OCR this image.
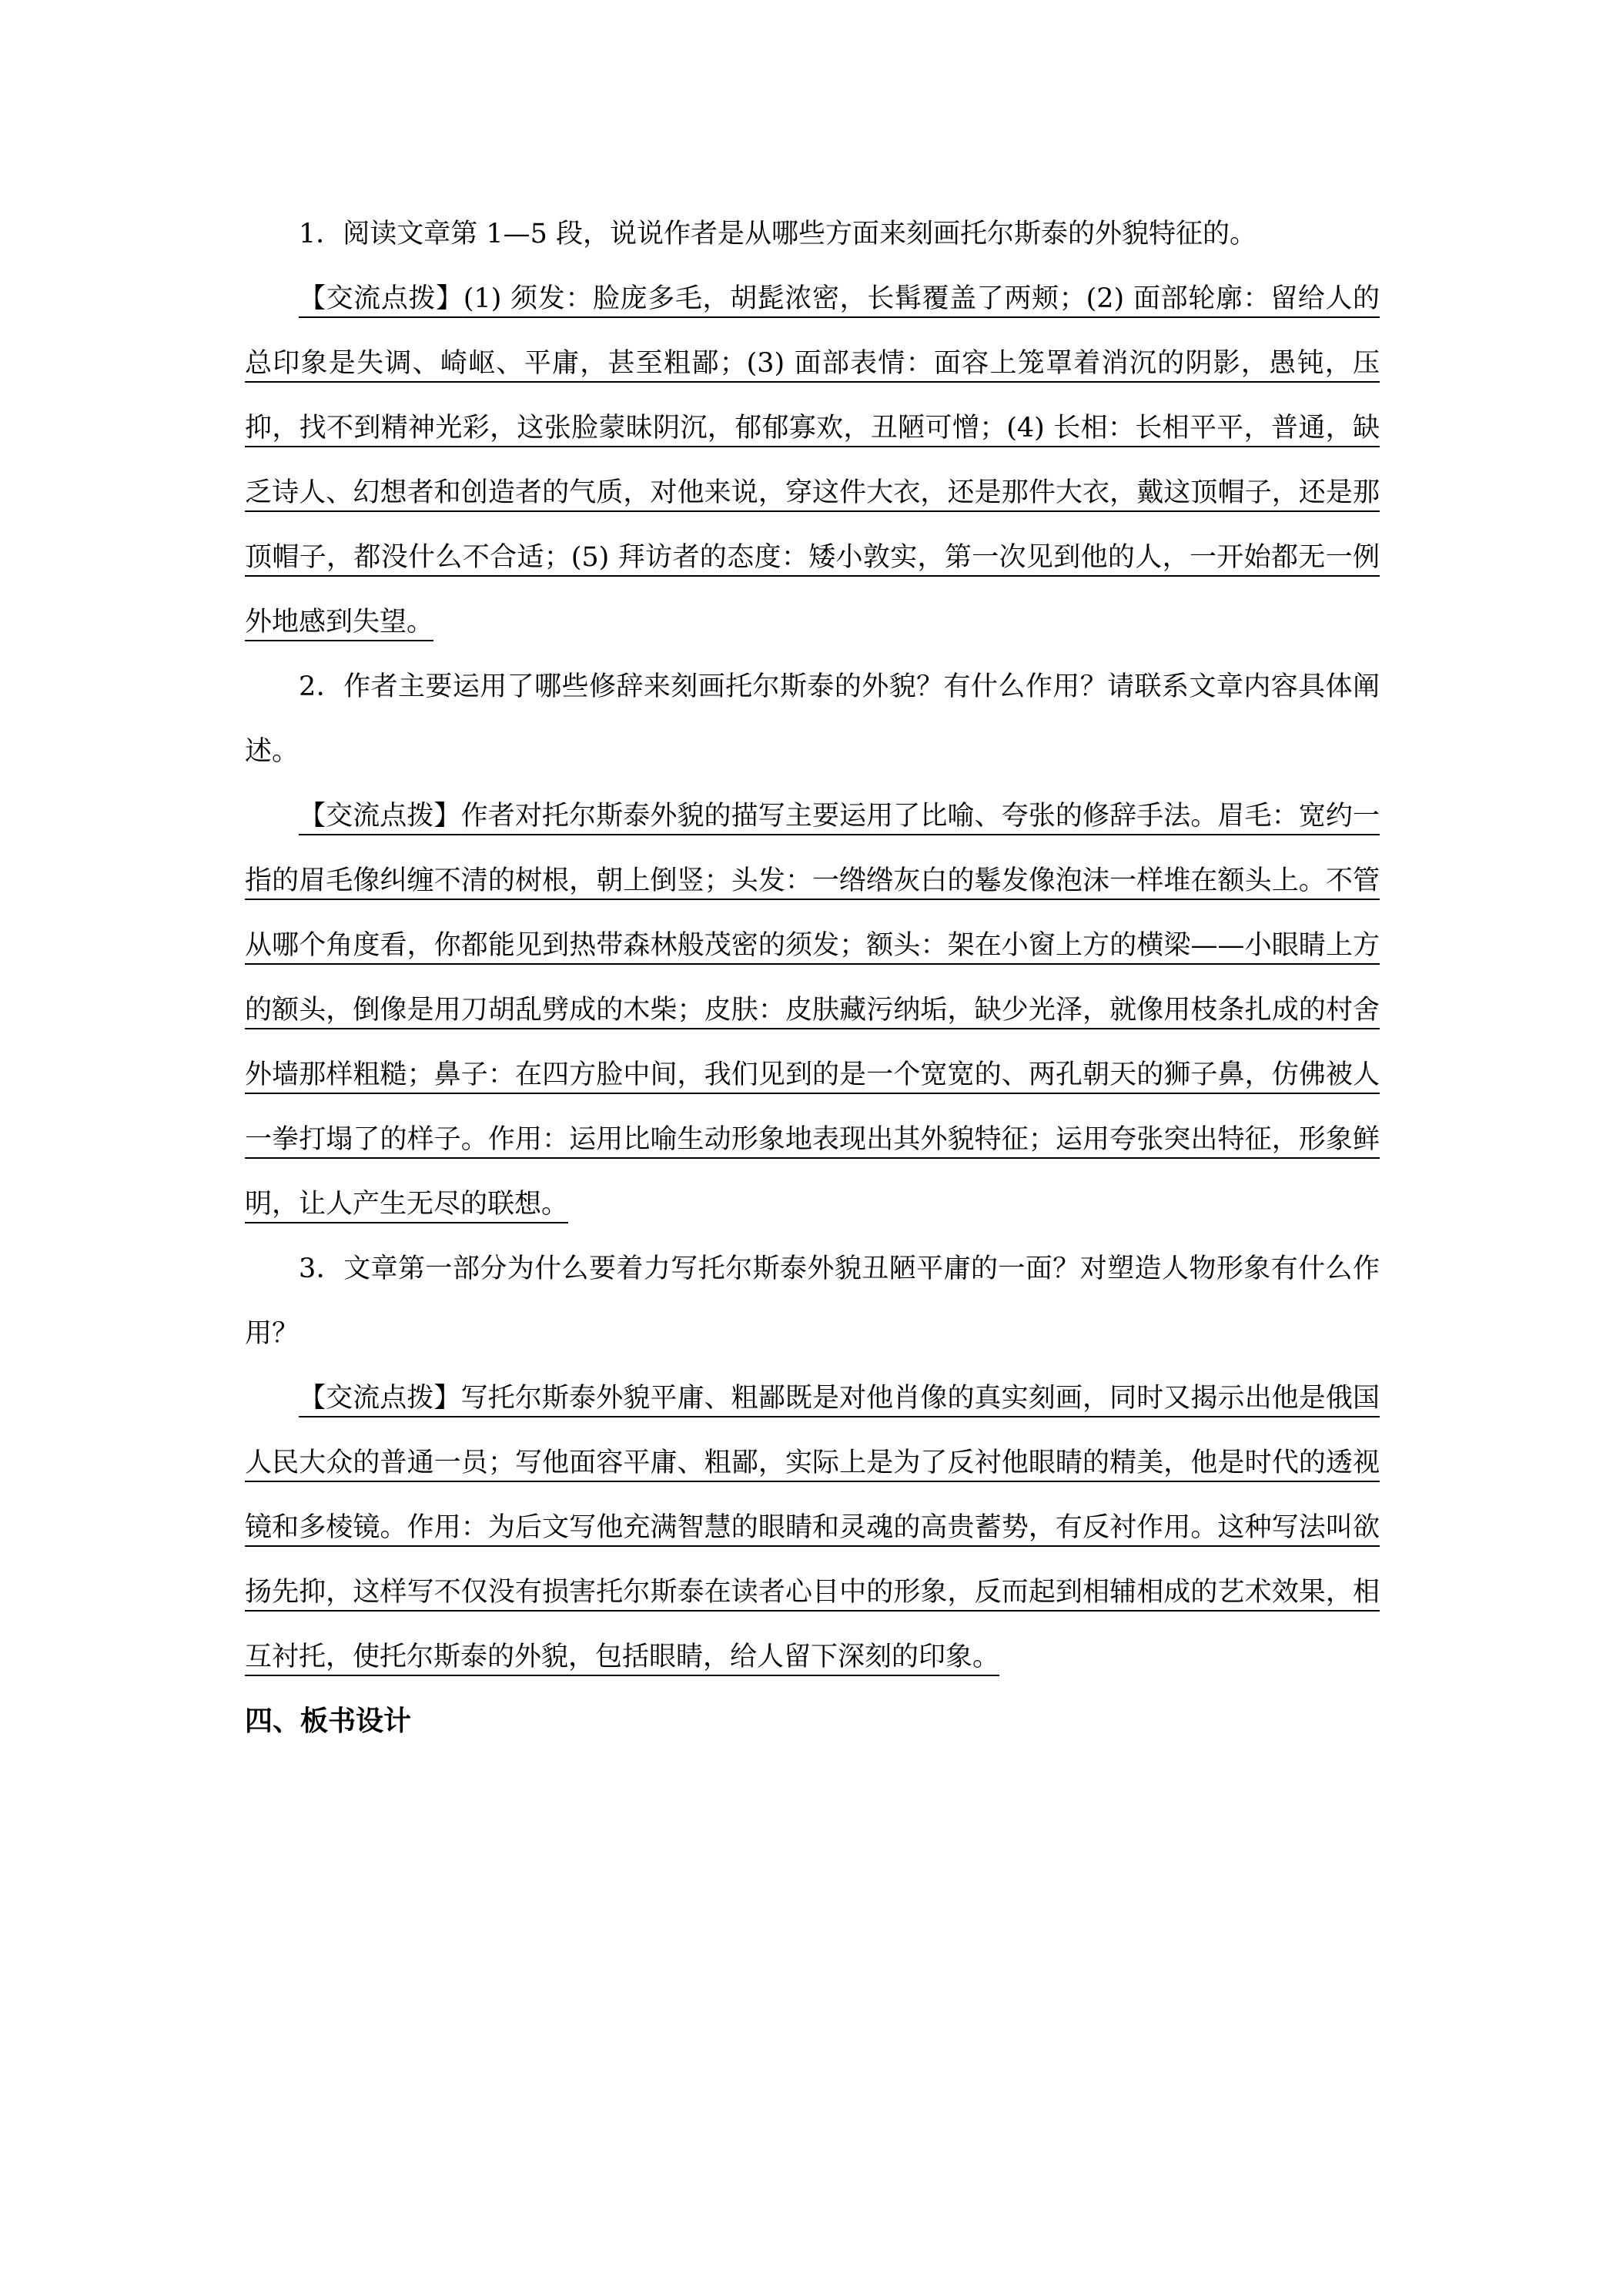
1．阅读文章第 1—5 段，说说作者是从哪些方面来刻画托尔斯泰的外貌特征的。

【交流点拨】(1) 须发：脸庞多毛，胡髭浓密，长髯覆盖了两颊；(2) 面部轮廓：留给人的总印象是失调、崎岖、平庸，甚至粗鄙；(3) 面部表情：面容上笼罩着消沉的阴影，愚钝，压抑，找不到精神光彩，这张脸蒙昧阴沉，郁郁寡欢，丑陋可憎；(4) 长相：长相平平，普通，缺乏诗人、幻想者和创造者的气质，对他来说，穿这件大衣，还是那件大衣，戴这顶帽子，还是那顶帽子，都没什么不合适；(5) 拜访者的态度：矮小敦实，第一次见到他的人，一开始都无一例外地感到失望。

2．作者主要运用了哪些修辞来刻画托尔斯泰的外貌？有什么作用？请联系文章内容具体阐述。

【交流点拨】作者对托尔斯泰外貌的描写主要运用了比喻、夸张的修辞手法。眉毛：宽约一指的眉毛像纠缠不清的树根，朝上倒竖；头发：一绺绺灰白的鬈发像泡沫一样堆在额头上。不管从哪个角度看，你都能见到热带森林般茂密的须发；额头：架在小窗上方的横梁——小眼睛上方的额头，倒像是用刀胡乱劈成的木柴；皮肤：皮肤藏污纳垢，缺少光泽，就像用枝条扎成的村舍外墙那样粗糙；鼻子：在四方脸中间，我们见到的是一个宽宽的、两孔朝天的狮子鼻，仿佛被人一拳打塌了的样子。作用：运用比喻生动形象地表现出其外貌特征；运用夸张突出特征，形象鲜明，让人产生无尽的联想。

3．文章第一部分为什么要着力写托尔斯泰外貌丑陋平庸的一面？对塑造人物形象有什么作用？

【交流点拨】写托尔斯泰外貌平庸、粗鄙既是对他肖像的真实刻画，同时又揭示出他是俄国人民大众的普通一员；写他面容平庸、粗鄙，实际上是为了反衬他眼睛的精美，他是时代的透视镜和多棱镜。作用：为后文写他充满智慧的眼睛和灵魂的高贵蓄势，有反衬作用。这种写法叫欲扬先抑，这样写不仅没有损害托尔斯泰在读者心目中的形象，反而起到相辅相成的艺术效果，相互衬托，使托尔斯泰的外貌，包括眼睛，给人留下深刻的印象。

四、板书设计
